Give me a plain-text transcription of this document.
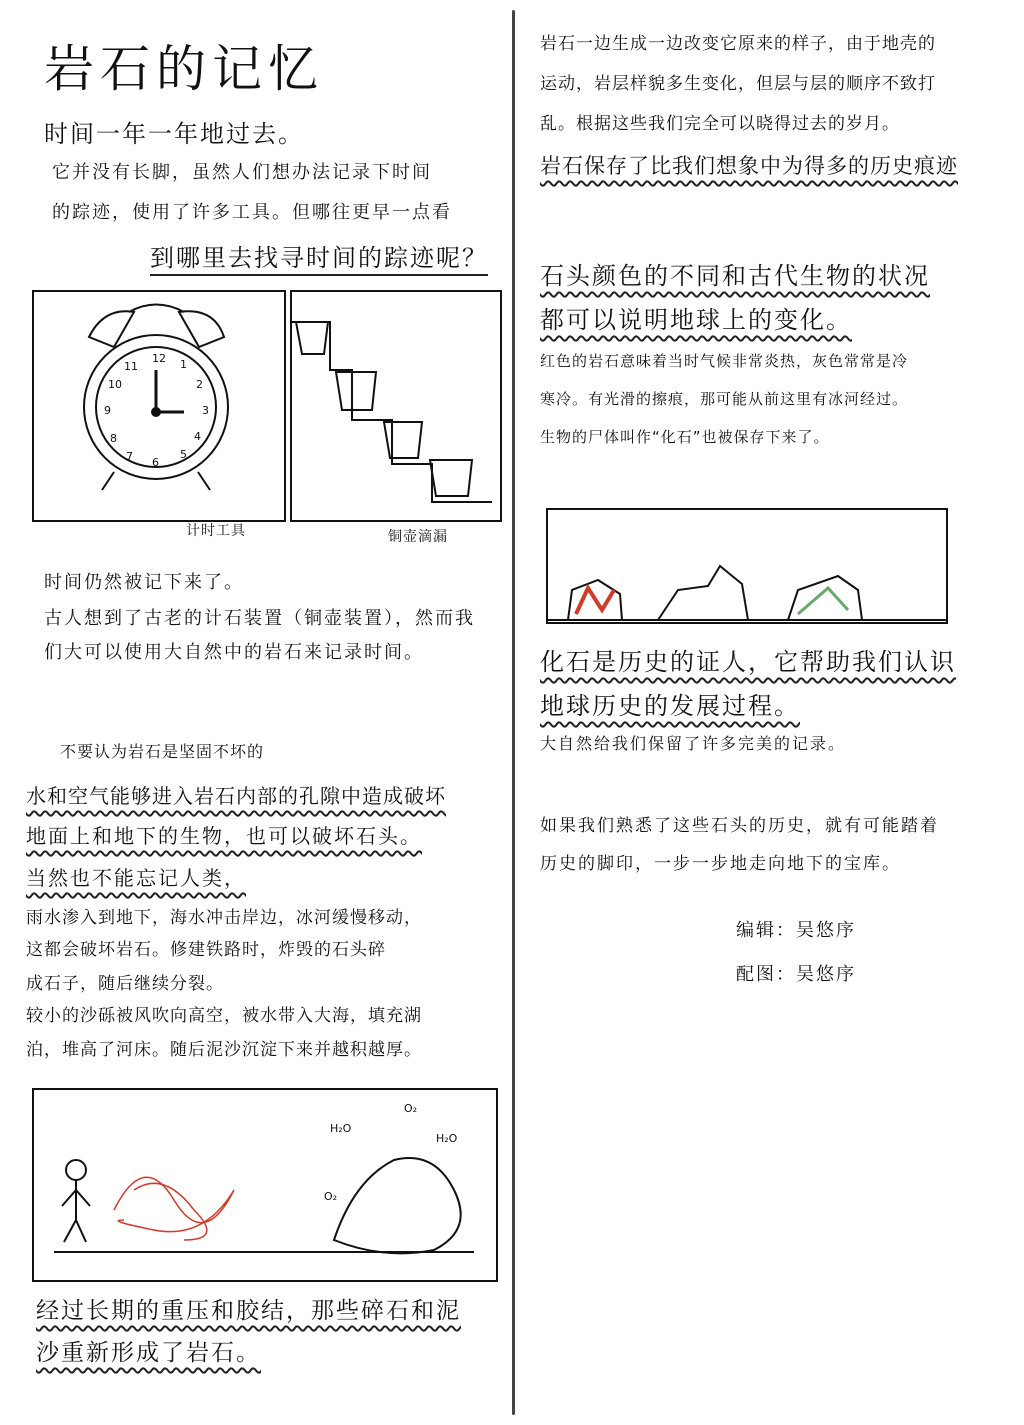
岩石的记忆
时间一年一年地过去。
它并没有长脚，虽然人们想办法记录下时间
的踪迹，使用了许多工具。但哪往更早一点看
到哪里去找寻时间的踪迹呢？
12 1
2
3
4
5
6
7
8
9
10
11
计时工具	铜壶滴漏
时间仍然被记下来了。
古人想到了古老的计石装置（铜壶装置），然而我
们大可以使用大自然中的岩石来记录时间。
不要认为岩石是坚固不坏的
水和空气能够进入岩石内部的孔隙中造成破坏
地面上和地下的生物，也可以破坏石头。
当然也不能忘记人类，
雨水渗入到地下，海水冲击岸边，冰河缓慢移动，
这都会破坏岩石。修建铁路时，炸毁的石头碎
成石子，随后继续分裂。
较小的沙砾被风吹向高空，被水带入大海，填充湖
泊，堆高了河床。随后泥沙沉淀下来并越积越厚。
H₂O
O₂
H₂O
O₂
经过长期的重压和胶结，那些碎石和泥
沙重新形成了岩石。
岩石一边生成一边改变它原来的样子，由于地壳的
运动，岩层样貌多生变化，但层与层的顺序不致打
乱。根据这些我们完全可以晓得过去的岁月。
岩石保存了比我们想象中为得多的历史痕迹
石头颜色的不同和古代生物的状况
都可以说明地球上的变化。
红色的岩石意味着当时气候非常炎热，灰色常常是冷
寒冷。有光滑的擦痕，那可能从前这里有冰河经过。
生物的尸体叫作“化石”也被保存下来了。
化石是历史的证人，它帮助我们认识
地球历史的发展过程。
大自然给我们保留了许多完美的记录。
如果我们熟悉了这些石头的历史，就有可能踏着
历史的脚印，一步一步地走向地下的宝库。
编辑：吴悠序
配图：吴悠序
